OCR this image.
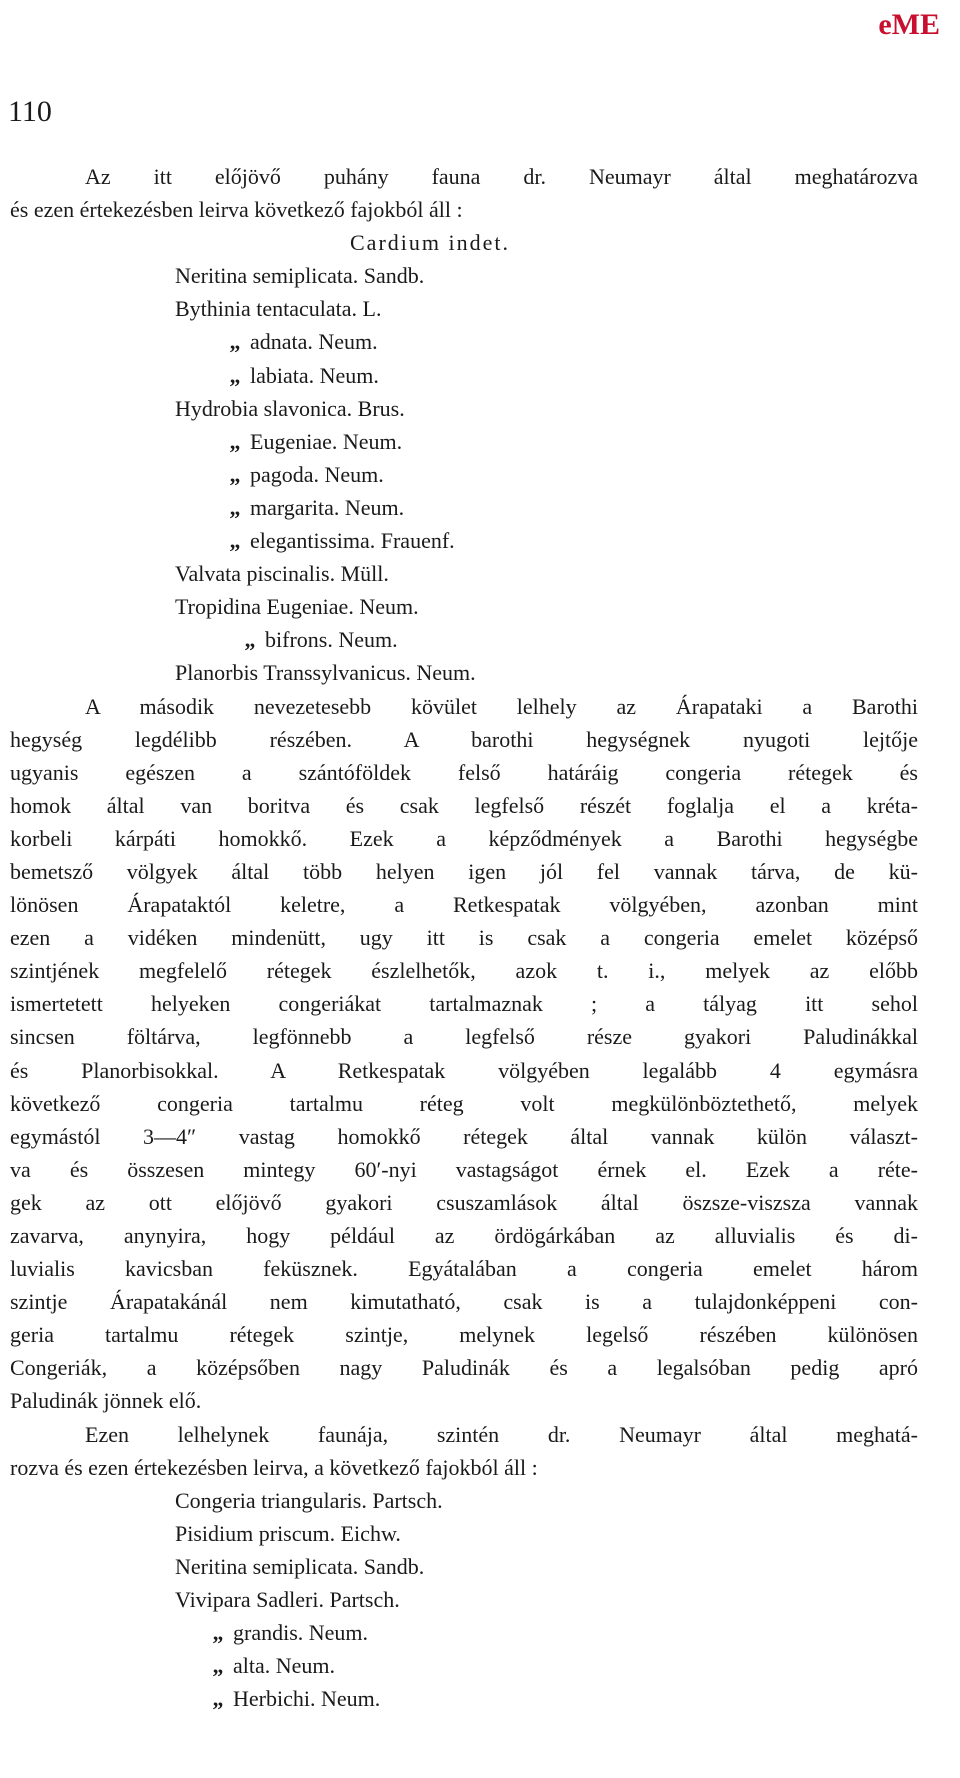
eME
110
Az itt előjövő puhány fauna dr. Neumayr által meghatározva
és ezen értekezésben leirva következő fajokból áll :
Cardium indet.
Neritina semiplicata. Sandb.
Bythinia tentaculata. L.
„ adnata. Neum.
„ labiata. Neum.
Hydrobia slavonica. Brus.
„ Eugeniae. Neum.
„ pagoda. Neum.
„ margarita. Neum.
„ elegantissima. Frauenf.
Valvata piscinalis. Müll.
Tropidina Eugeniae. Neum.
„ bifrons. Neum.
Planorbis Transsylvanicus. Neum.
A második nevezetesebb kövület lelhely az Árapataki a Barothi
hegység legdélibb részében. A barothi hegységnek nyugoti lejtője
ugyanis egészen a szántóföldek felső határáig congeria rétegek és
homok által van boritva és csak legfelső részét foglalja el a kréta-
korbeli kárpáti homokkő. Ezek a képződmények a Barothi hegységbe
bemetsző völgyek által több helyen igen jól fel vannak tárva, de kü-
lönösen Árapataktól keletre, a Retkespatak völgyében, azonban mint
ezen a vidéken mindenütt, ugy itt is csak a congeria emelet középső
szintjének megfelelő rétegek észlelhetők, azok t. i., melyek az előbb
ismertetett helyeken congeriákat tartalmaznak ; a tályag itt sehol
sincsen föltárva, legfönnebb a legfelső része gyakori Paludinákkal
és Planorbisokkal. A Retkespatak völgyében legalább 4 egymásra
következő congeria tartalmu réteg volt megkülönböztethető, melyek
egymástól 3—4″ vastag homokkő rétegek által vannak külön választ-
va és összesen mintegy 60′-nyi vastagságot érnek el. Ezek a réte-
gek az ott előjövő gyakori csuszamlások által öszsze-viszsza vannak
zavarva, anynyira, hogy például az ördögárkában az alluvialis és di-
luvialis kavicsban feküsznek. Egyátalában a congeria emelet három
szintje Árapatakánál nem kimutatható, csak is a tulajdonképpeni con-
geria tartalmu rétegek szintje, melynek legelső részében különösen
Congeriák, a középsőben nagy Paludinák és a legalsóban pedig apró
Paludinák jönnek elő.
Ezen lelhelynek faunája, szintén dr. Neumayr által meghatá-
rozva és ezen értekezésben leirva, a következő fajokból áll :
Congeria triangularis. Partsch.
Pisidium priscum. Eichw.
Neritina semiplicata. Sandb.
Vivipara Sadleri. Partsch.
„ grandis. Neum.
„ alta. Neum.
„ Herbichi. Neum.
